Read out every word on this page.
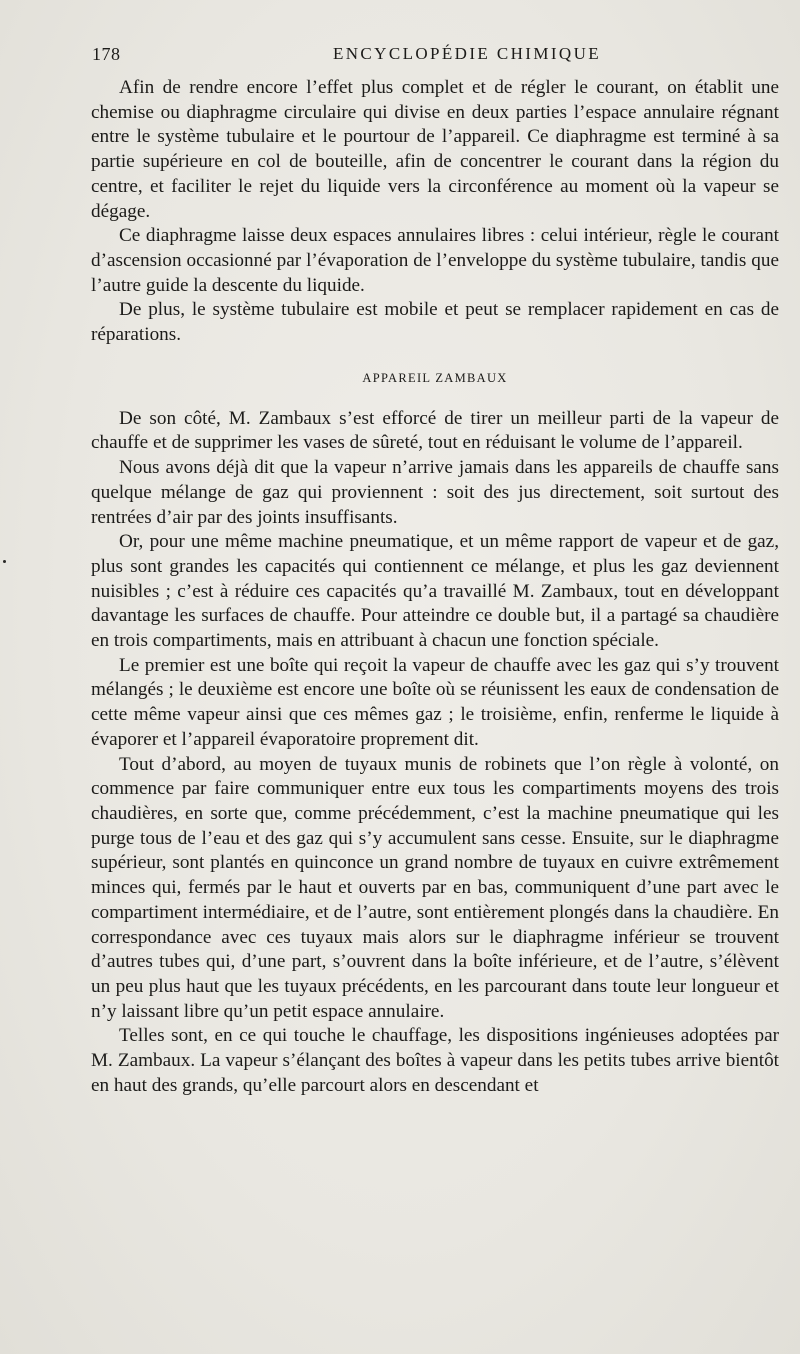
178	ENCYCLOPÉDIE CHIMIQUE

Afin de rendre encore l’effet plus complet et de régler le courant, on établit une chemise ou diaphragme circulaire qui divise en deux parties l’espace annulaire régnant entre le système tubulaire et le pourtour de l’appareil. Ce diaphragme est terminé à sa partie supérieure en col de bouteille, afin de concentrer le courant dans la région du centre, et faciliter le rejet du liquide vers la circonférence au moment où la vapeur se dégage.

Ce diaphragme laisse deux espaces annulaires libres : celui intérieur, règle le courant d’ascension occasionné par l’évaporation de l’enveloppe du système tubulaire, tandis que l’autre guide la descente du liquide.

De plus, le système tubulaire est mobile et peut se remplacer rapidement en cas de réparations.

APPAREIL ZAMBAUX

De son côté, M. Zambaux s’est efforcé de tirer un meilleur parti de la vapeur de chauffe et de supprimer les vases de sûreté, tout en réduisant le volume de l’appareil.

Nous avons déjà dit que la vapeur n’arrive jamais dans les appareils de chauffe sans quelque mélange de gaz qui proviennent : soit des jus directement, soit surtout des rentrées d’air par des joints insuffisants.

Or, pour une même machine pneumatique, et un même rapport de vapeur et de gaz, plus sont grandes les capacités qui contiennent ce mélange, et plus les gaz deviennent nuisibles ; c’est à réduire ces capacités qu’a travaillé M. Zambaux, tout en développant davantage les surfaces de chauffe. Pour atteindre ce double but, il a partagé sa chaudière en trois compartiments, mais en attribuant à chacun une fonction spéciale.

Le premier est une boîte qui reçoit la vapeur de chauffe avec les gaz qui s’y trouvent mélangés ; le deuxième est encore une boîte où se réunissent les eaux de condensation de cette même vapeur ainsi que ces mêmes gaz ; le troisième, enfin, renferme le liquide à évaporer et l’appareil évaporatoire proprement dit.

Tout d’abord, au moyen de tuyaux munis de robinets que l’on règle à volonté, on commence par faire communiquer entre eux tous les compartiments moyens des trois chaudières, en sorte que, comme précédemment, c’est la machine pneumatique qui les purge tous de l’eau et des gaz qui s’y accumulent sans cesse. Ensuite, sur le diaphragme supérieur, sont plantés en quinconce un grand nombre de tuyaux en cuivre extrêmement minces qui, fermés par le haut et ouverts par en bas, communiquent d’une part avec le compartiment intermédiaire, et de l’autre, sont entièrement plongés dans la chaudière. En correspondance avec ces tuyaux mais alors sur le diaphragme inférieur se trouvent d’autres tubes qui, d’une part, s’ouvrent dans la boîte inférieure, et de l’autre, s’élèvent un peu plus haut que les tuyaux précédents, en les parcourant dans toute leur longueur et n’y laissant libre qu’un petit espace annulaire.

Telles sont, en ce qui touche le chauffage, les dispositions ingénieuses adoptées par M. Zambaux. La vapeur s’élançant des boîtes à vapeur dans les petits tubes arrive bientôt en haut des grands, qu’elle parcourt alors en descendant et
